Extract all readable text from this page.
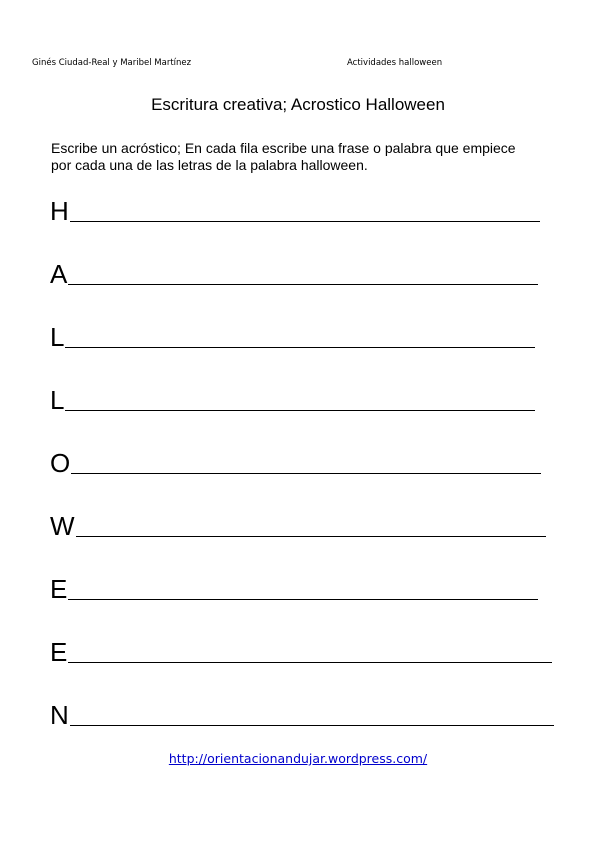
Ginés Ciudad-Real y Maribel Martínez	Actividades halloween
Escritura creativa; Acrostico Halloween
Escribe un acróstico; En cada fila escribe una frase o palabra que empiece por cada una de las letras de la palabra halloween.
H
A
L
L
O
W
E
E
N
http://orientacionandujar.wordpress.com/
